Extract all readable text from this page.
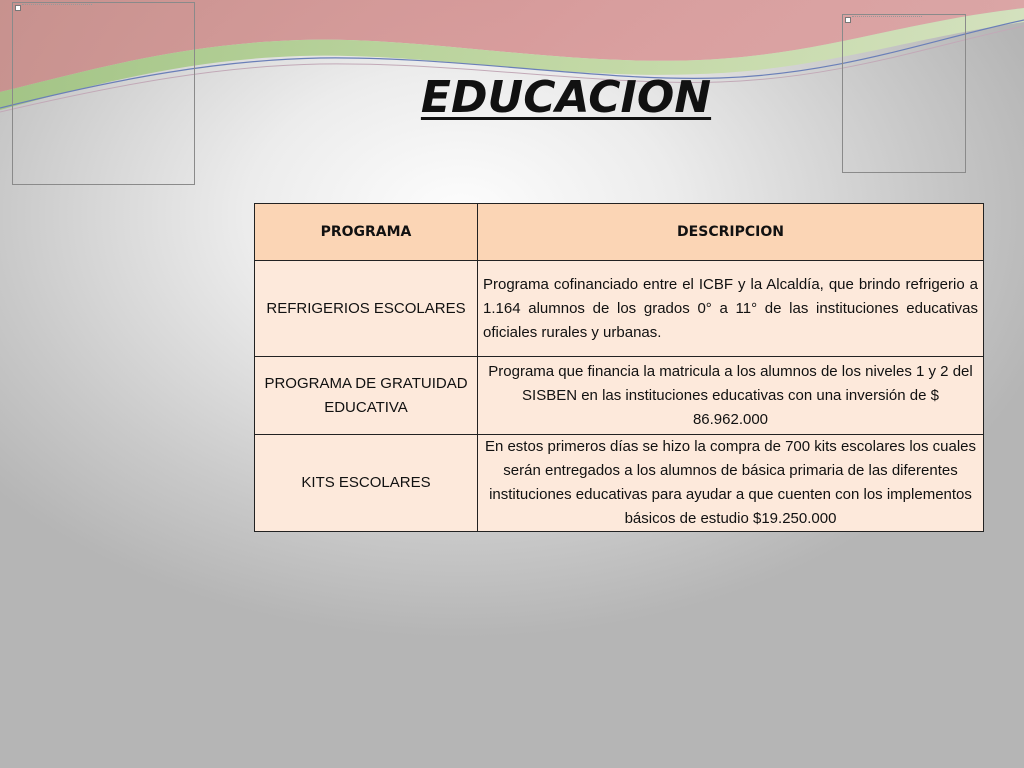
EDUCACION
PROGRAMA	DESCRIPCION
REFRIGERIOS ESCOLARES	Programa cofinanciado entre el ICBF y la Alcaldía, que brindo refrigerio a 1.164 alumnos de los grados 0° a 11° de las instituciones educativas oficiales rurales y urbanas.
PROGRAMA DE GRATUIDAD EDUCATIVA	Programa que financia la matricula a los alumnos de los niveles 1 y 2 del SISBEN en las instituciones educativas con una inversión de $ 86.962.000
KITS ESCOLARES	En estos primeros días se hizo la compra de 700 kits escolares los cuales serán entregados a los alumnos de básica primaria de las diferentes instituciones educativas para ayudar a que cuenten con los implementos básicos de estudio $19.250.000
